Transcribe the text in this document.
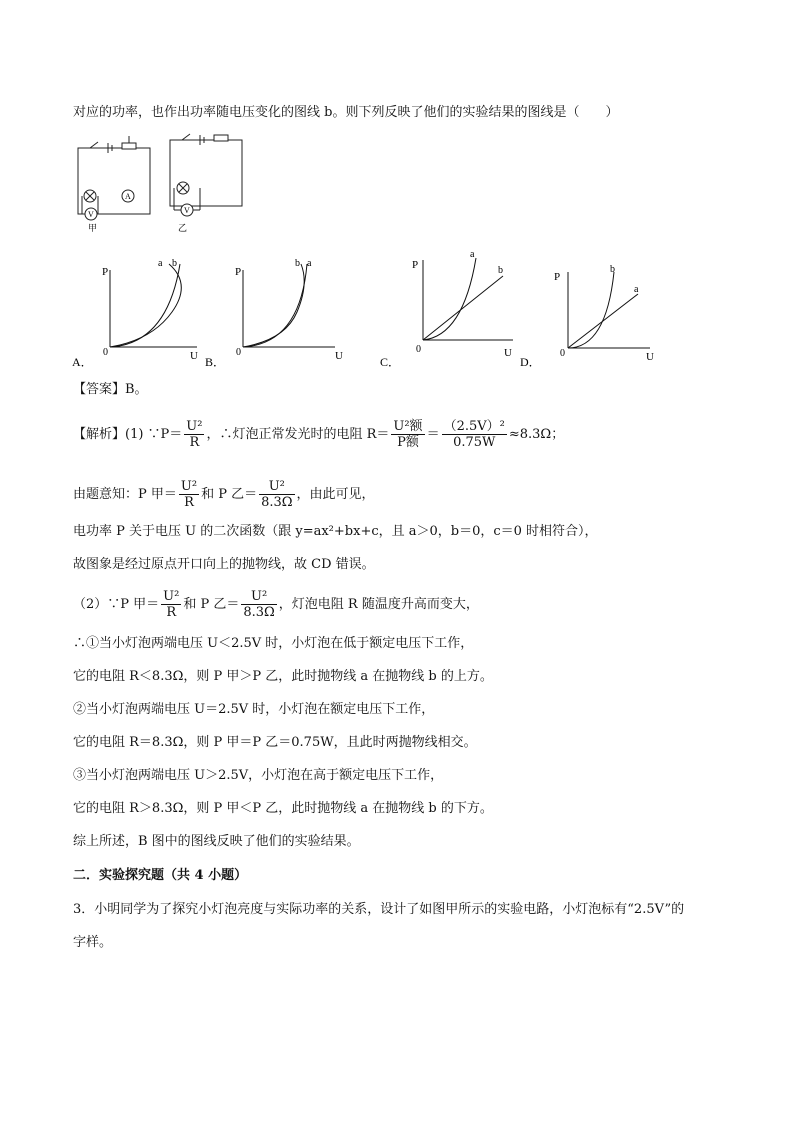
对应的功率，也作出功率随电压变化的图线 b。则下列反映了他们的实验结果的图线是（　　）
A
V	V
甲	乙
P
U
0
a b
A．
P
U
0
b a
B．
P
U
0
a
b
C．
P
U
0
b
a
D．
【答案】B。
【解析】(1) ∵P＝ $\frac{\text{U²}}{R}$ ，∴灯泡正常发光时的电阻 $R= \frac{\text{U²额}}{\text{P额}} = \frac{\text{（2.5V）²}}{0.75W} \approx 8.3\Omega$；
由题意知：P 甲＝ $\frac{\text{U²}}{R}$ 和 P 乙＝ $\frac{\text{U²}}{8.3\Omega}$ ，由此可见，
电功率 P 关于电压 U 的二次函数（跟 y=ax²+bx+c，且 a＞0，b＝0，c＝0 时相符合），
故图象是经过原点开口向上的抛物线，故 CD 错误。
（2）∵P 甲＝ $\frac{\text{U²}}{R}$ 和 P 乙＝ $\frac{\text{U²}}{8.3\Omega}$ ，灯泡电阻 R 随温度升高而变大，
∴①当小灯泡两端电压 U＜2.5V 时，小灯泡在低于额定电压下工作，
它的电阻 R＜8.3Ω，则 P 甲＞P 乙，此时抛物线 a 在抛物线 b 的上方。
②当小灯泡两端电压 U＝2.5V 时，小灯泡在额定电压下工作，
它的电阻 R＝8.3Ω，则 P 甲＝P 乙＝0.75W，且此时两抛物线相交。
③当小灯泡两端电压 U＞2.5V，小灯泡在高于额定电压下工作，
它的电阻 R＞8.3Ω，则 P 甲＜P 乙，此时抛物线 a 在抛物线 b 的下方。
综上所述，B 图中的图线反映了他们的实验结果。
二．实验探究题（共 4 小题）
3．小明同学为了探究小灯泡亮度与实际功率的关系，设计了如图甲所示的实验电路，小灯泡标有“2.5V”的
字样。
